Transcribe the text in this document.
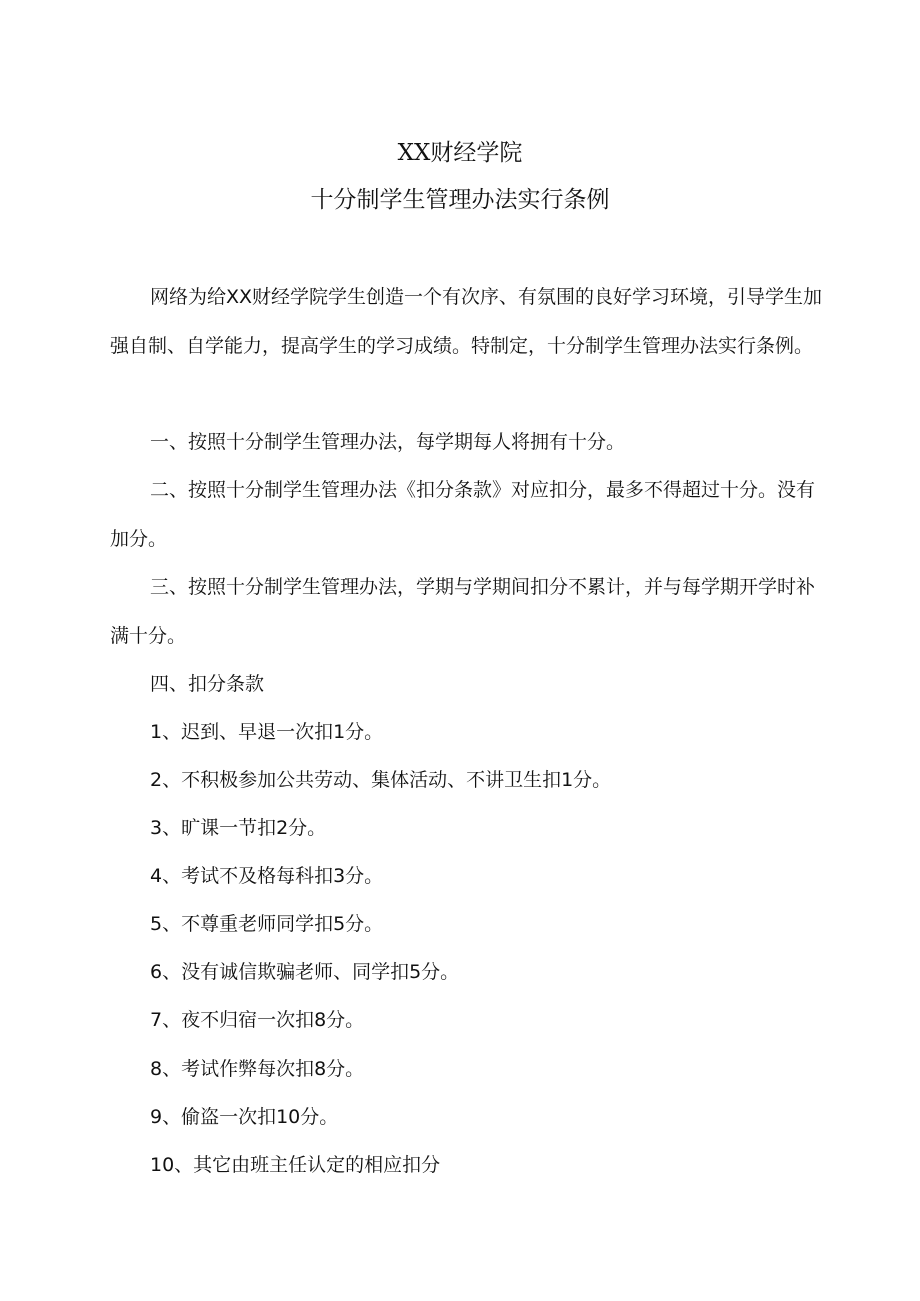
XX财经学院
十分制学生管理办法实行条例
网络为给XX财经学院学生创造一个有次序、有氛围的良好学习环境，引导学生加强自制、自学能力，提高学生的学习成绩。特制定，十分制学生管理办法实行条例。
一、按照十分制学生管理办法，每学期每人将拥有十分。
二、按照十分制学生管理办法《扣分条款》对应扣分，最多不得超过十分。没有加分。
三、按照十分制学生管理办法，学期与学期间扣分不累计，并与每学期开学时补满十分。
四、扣分条款
1、迟到、早退一次扣1分。
2、不积极参加公共劳动、集体活动、不讲卫生扣1分。
3、旷课一节扣2分。
4、考试不及格每科扣3分。
5、不尊重老师同学扣5分。
6、没有诚信欺骗老师、同学扣5分。
7、夜不归宿一次扣8分。
8、考试作弊每次扣8分。
9、偷盗一次扣10分。
10、其它由班主任认定的相应扣分
